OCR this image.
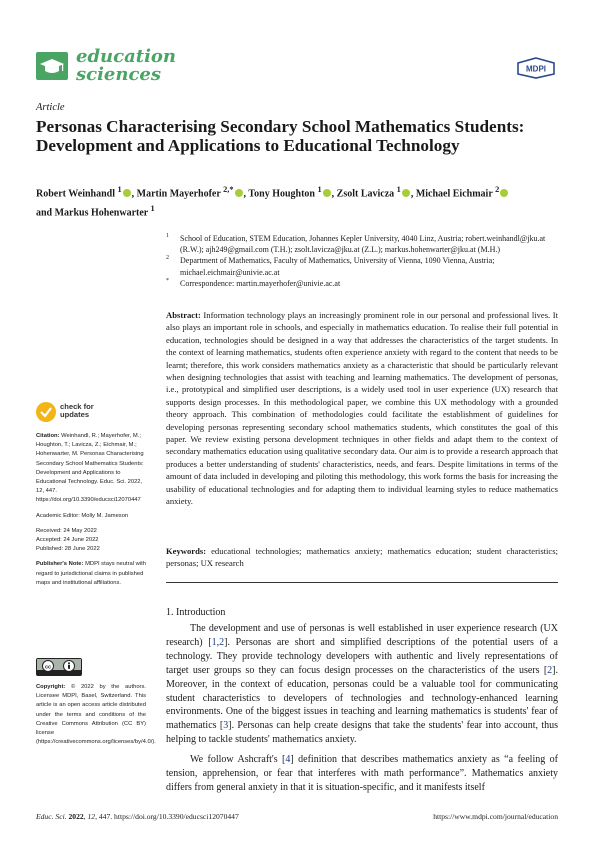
education
sciences	MDPI
Article
Personas Characterising Secondary School Mathematics Students: Development and Applications to Educational Technology
Robert Weinhandl $^1$ , Martin Mayerhofer $^{2,*}$ , Tony Houghton $^1$ , Zsolt Lavicza $^1$ , Michael Eichmair $^2$
and Markus Hohenwarter $^1$
1 School of Education, STEM Education, Johannes Kepler University, 4040 Linz, Austria; robert.weinhandl@jku.at (R.W.); ajh249@gmail.com (T.H.); zsolt.lavicza@jku.at (Z.L.); markus.hohenwarter@jku.at (M.H.)
2 Department of Mathematics, Faculty of Mathematics, University of Vienna, 1090 Vienna, Austria; michael.eichmair@univie.ac.at
* Correspondence: martin.mayerhofer@univie.ac.at
Abstract: Information technology plays an increasingly prominent role in our personal and professional lives. It also plays an important role in schools, and especially in mathematics education. To realise their full potential in education, technologies should be designed in a way that addresses the characteristics of the target students. In the context of learning mathematics, students often experience anxiety with regard to the content that needs to be learnt; therefore, this work considers mathematics anxiety as a characteristic that should be particularly relevant when designing technologies that assist with teaching and learning mathematics. The development of personas, i.e., prototypical and simplified user descriptions, is a widely used tool in user experience (UX) research that supports design processes. In this methodological paper, we combine this UX methodology with a grounded theory approach. This combination of methodologies could facilitate the establishment of guidelines for developing personas representing secondary school mathematics students, which constitutes the goal of this paper. We review existing persona development techniques in other fields and adapt them to the context of secondary mathematics education using qualitative secondary data. Our aim is to provide a research approach that produces a better understanding of students' characteristics, needs, and fears. Despite limitations in terms of the amount of data included in developing and piloting this methodology, this work forms the basis for increasing the usability of educational technologies and for adapting them to individual learning styles to reduce mathematics anxiety.
Keywords: educational technologies; mathematics anxiety; mathematics education; student characteristics; personas; UX research
1. Introduction

The development and use of personas is well established in user experience research (UX research) [1,2]. Personas are short and simplified descriptions of the potential users of a technology. They provide technology developers with authentic and lively representations of target user groups so they can focus design processes on the characteristics of the users [2]. Moreover, in the context of education, personas could be a valuable tool for communicating student characteristics to developers of technologies and technology-enhanced learning environments. One of the biggest issues in teaching and learning mathematics is students' fear of mathematics [3]. Personas can help create designs that take the students' fear into account, thus helping to tackle students' mathematics anxiety.

We follow Ashcraft's [4] definition that describes mathematics anxiety as “a feeling of tension, apprehension, or fear that interferes with math performance”. Mathematics anxiety differs from general anxiety in that it is situation-specific, and it manifests itself

check for
updates

Citation: Weinhandl, R.; Mayerhofer, M.; Houghton, T.; Lavicza, Z.; Eichmair, M.; Hohenwarter, M. Personas Characterising Secondary School Mathematics Students: Development and Applications to Educational Technology. Educ. Sci. 2022, 12, 447. https://doi.org/10.3390/educsci12070447

Academic Editor: Molly M. Jameson

Received: 24 May 2022

Accepted: 24 June 2022

Published: 28 June 2022

Publisher's Note: MDPI stays neutral with regard to jurisdictional claims in published maps and institutional affiliations.

cc
Copyright: © 2022 by the authors. Licensee MDPI, Basel, Switzerland. This article is an open access article distributed under the terms and conditions of the Creative Commons Attribution (CC BY) license (https://creativecommons.org/licenses/by/4.0/).
Educ. Sci. 2022, 12, 447. https://doi.org/10.3390/educsci12070447	https://www.mdpi.com/journal/education
